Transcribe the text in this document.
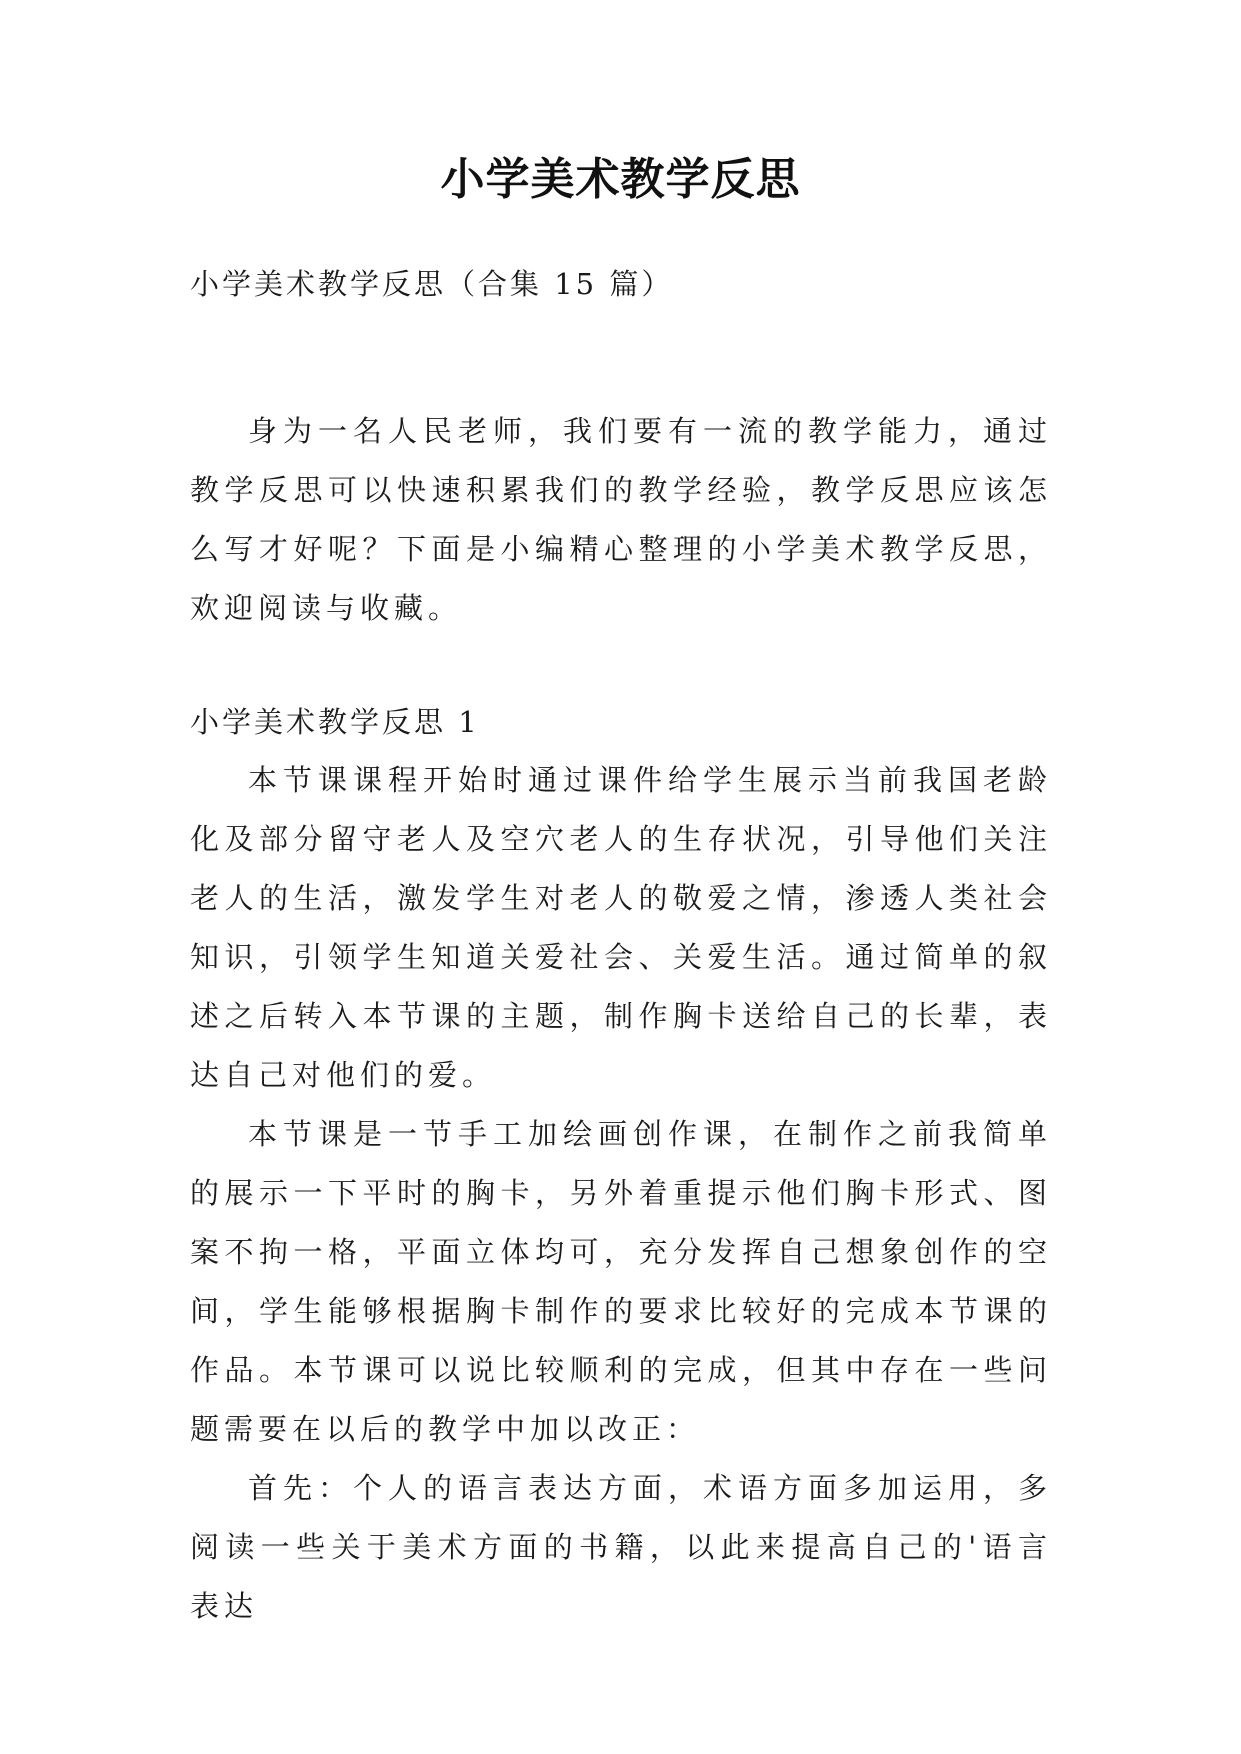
小学美术教学反思
小学美术教学反思（合集 15 篇）

身为一名人民老师，我们要有一流的教学能力，通过教学反思可以快速积累我们的教学经验，教学反思应该怎么写才好呢？下面是小编精心整理的小学美术教学反思，欢迎阅读与收藏。

小学美术教学反思 1

本节课课程开始时通过课件给学生展示当前我国老龄化及部分留守老人及空穴老人的生存状况，引导他们关注老人的生活，激发学生对老人的敬爱之情，渗透人类社会知识，引领学生知道关爱社会、关爱生活。通过简单的叙述之后转入本节课的主题，制作胸卡送给自己的长辈，表达自己对他们的爱。

本节课是一节手工加绘画创作课，在制作之前我简单的展示一下平时的胸卡，另外着重提示他们胸卡形式、图案不拘一格，平面立体均可，充分发挥自己想象创作的空间，学生能够根据胸卡制作的要求比较好的完成本节课的作品。本节课可以说比较顺利的完成，但其中存在一些问题需要在以后的教学中加以改正：

首先：个人的语言表达方面，术语方面多加运用，多阅读一些关于美术方面的书籍，以此来提高自己的'语言表达
